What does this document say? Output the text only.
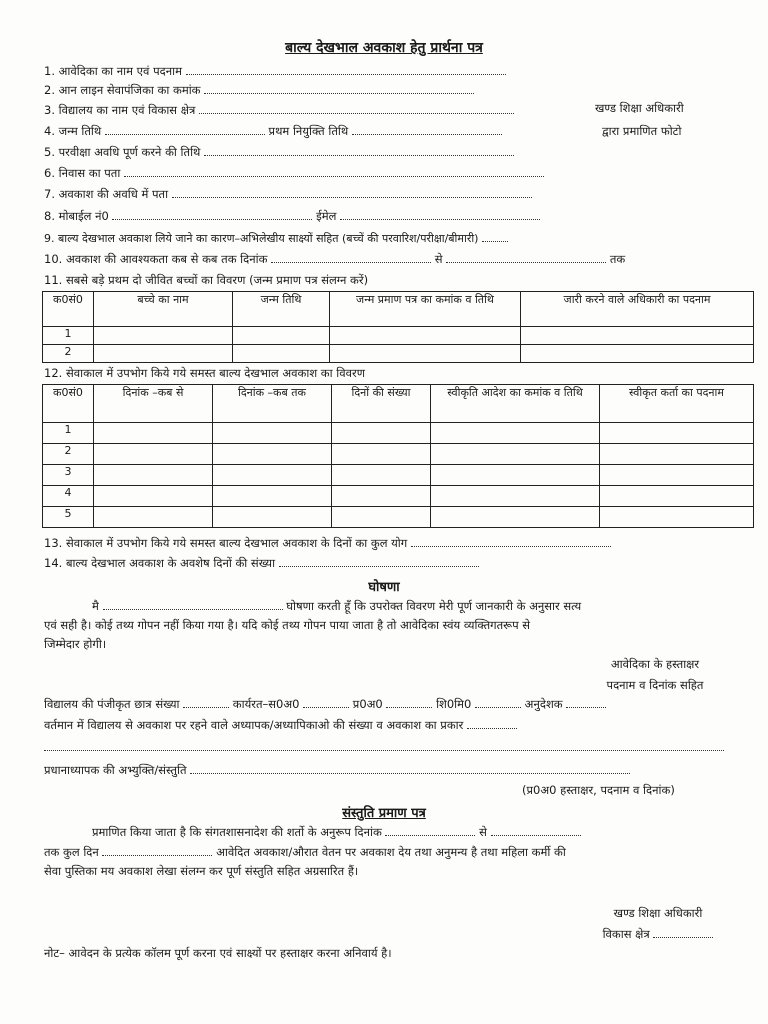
बाल्य देखभाल अवकाश हेतु प्रार्थना पत्र
1. आवेदिका का नाम एवं पदनाम
2. आन लाइन सेवापंजिका का कमांक
3. विद्यालय का नाम एवं विकास क्षेत्र
4. जन्म तिथि	प्रथम नियुक्ति तिथि
5. परवीक्षा अवधि पूर्ण करने की तिथि
6. निवास का पता
7. अवकाश की अवधि में पता
8. मोबाईल नं0	ईमेल
खण्ड शिक्षा अधिकारी
द्वारा प्रमाणित फोटो
9. बाल्य देखभाल अवकाश लिये जाने का कारण–अभिलेखीय साक्ष्यों सहित (बच्चें की परवारिश/परीक्षा/बीमारी)
10. अवकाश की आवश्यकता कब से कब तक दिनांक	से	तक
11. सबसे बड़े प्रथम दो जीवित बच्चों का विवरण (जन्म प्रमाण पत्र संलग्न करें)
क0सं0	बच्चे का नाम	जन्म तिथि	जन्म प्रमाण पत्र का कमांक व तिथि	जारी करने वाले अधिकारी का पदनाम
1				
2				
12. सेवाकाल में उपभोग किये गये समस्त बाल्य देखभाल अवकाश का विवरण
क0सं0	दिनांक –कब से	दिनांक –कब तक	दिनों की संख्या	स्वीकृति आदेश का कमांक व तिथि	स्वीकृत कर्ता का पदनाम
1					
2					
3					
4					
5					
13. सेवाकाल में उपभोग किये गये समस्त बाल्य देखभाल अवकाश के दिनों का कुल योग
14. बाल्य देखभाल अवकाश के अवशेष दिनों की संख्या
घोषणा
मै	घोषणा करती हूँ कि उपरोक्त विवरण मेरी पूर्ण जानकारी के अनुसार सत्य
एवं सही है। कोई तथ्य गोपन नहीं किया गया है। यदि कोई तथ्य गोपन पाया जाता है तो आवेदिका स्वंय व्यक्तिगतरूप से
जिम्मेदार होगी।
आवेदिका के हस्ताक्षर
पदनाम व दिनांक सहित
विद्यालय की पंजीकृत छात्र संख्या	कार्यरत–स0अ0	प्र0अ0	शि0मि0	अनुदेशक
वर्तमान में विद्यालय से अवकाश पर रहने वाले अध्यापक/अध्यापिकाओ की संख्या व अवकाश का प्रकार
प्रधानाध्यापक की अभ्युक्ति/संस्तुति
(प्र0अ0 हस्ताक्षर, पदनाम व दिनांक)
संस्तुति प्रमाण पत्र
प्रमाणित किया जाता है कि संगतशासनादेश की शर्तो के अनुरूप दिनांक	से
तक कुल दिन	आवेदित अवकाश/औरात वेतन पर अवकाश देय तथा अनुमन्य है तथा महिला कर्मी की
सेवा पुस्तिका मय अवकाश लेखा संलग्न कर पूर्ण संस्तुति सहित अग्रसारित हैं।
खण्ड शिक्षा अधिकारी
विकास क्षेत्र
नोट– आवेदन के प्रत्येक कॉलम पूर्ण करना एवं साक्ष्यों पर हस्ताक्षर करना अनिवार्य है।
